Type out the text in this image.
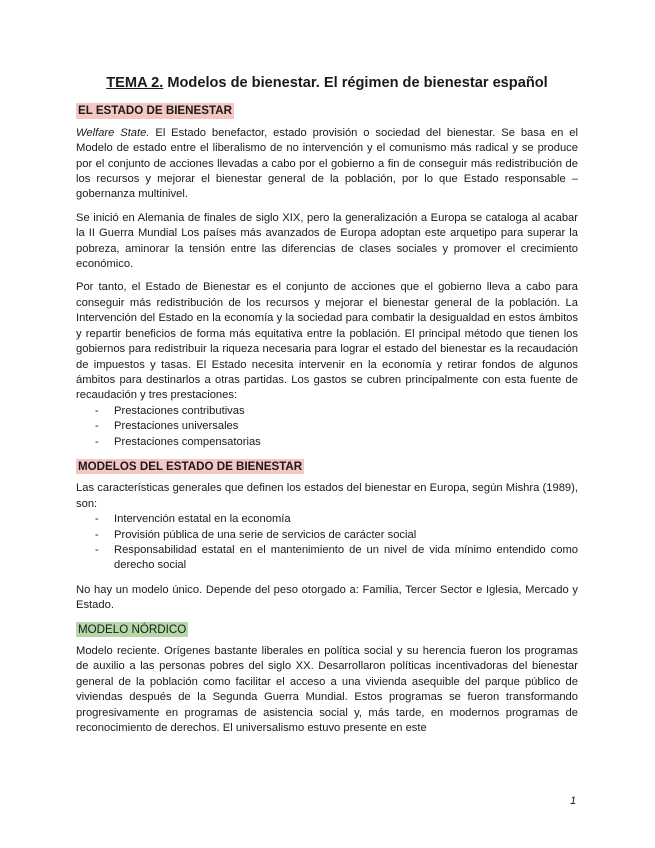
TEMA 2. Modelos de bienestar. El régimen de bienestar español
EL ESTADO DE BIENESTAR

Welfare State. El Estado benefactor, estado provisión o sociedad del bienestar. Se basa en el Modelo de estado entre el liberalismo de no intervención y el comunismo más radical y se produce por el conjunto de acciones llevadas a cabo por el gobierno a fin de conseguir más redistribución de los recursos y mejorar el bienestar general de la población, por lo que Estado responsable – gobernanza multinivel.

Se inició en Alemania de finales de siglo XIX, pero la generalización a Europa se cataloga al acabar la II Guerra Mundial Los países más avanzados de Europa adoptan este arquetipo para superar la pobreza, aminorar la tensión entre las diferencias de clases sociales y promover el crecimiento económico.

Por tanto, el Estado de Bienestar es el conjunto de acciones que el gobierno lleva a cabo para conseguir más redistribución de los recursos y mejorar el bienestar general de la población. La Intervención del Estado en la economía y la sociedad para combatir la desigualdad en estos ámbitos y repartir beneficios de forma más equitativa entre la población. El principal método que tienen los gobiernos para redistribuir la riqueza necesaria para lograr el estado del bienestar es la recaudación de impuestos y tasas. El Estado necesita intervenir en la economía y retirar fondos de algunos ámbitos para destinarlos a otras partidas. Los gastos se cubren principalmente con esta fuente de recaudación y tres prestaciones:

- Prestaciones contributivas
- Prestaciones universales
- Prestaciones compensatorias
MODELOS DEL ESTADO DE BIENESTAR

Las características generales que definen los estados del bienestar en Europa, según Mishra (1989), son:

- Intervención estatal en la economía
- Provisión pública de una serie de servicios de carácter social
- Responsabilidad estatal en el mantenimiento de un nivel de vida mínimo entendido como derecho social

No hay un modelo único. Depende del peso otorgado a: Familia, Tercer Sector e Iglesia, Mercado y Estado.

MODELO NÓRDICO

Modelo reciente. Orígenes bastante liberales en política social y su herencia fueron los programas de auxilio a las personas pobres del siglo XX. Desarrollaron políticas incentivadoras del bienestar general de la población como facilitar el acceso a una vivienda asequible del parque público de viviendas después de la Segunda Guerra Mundial. Estos programas se fueron transformando progresivamente en programas de asistencia social y, más tarde, en modernos programas de reconocimiento de derechos. El universalismo estuvo presente en este

1
